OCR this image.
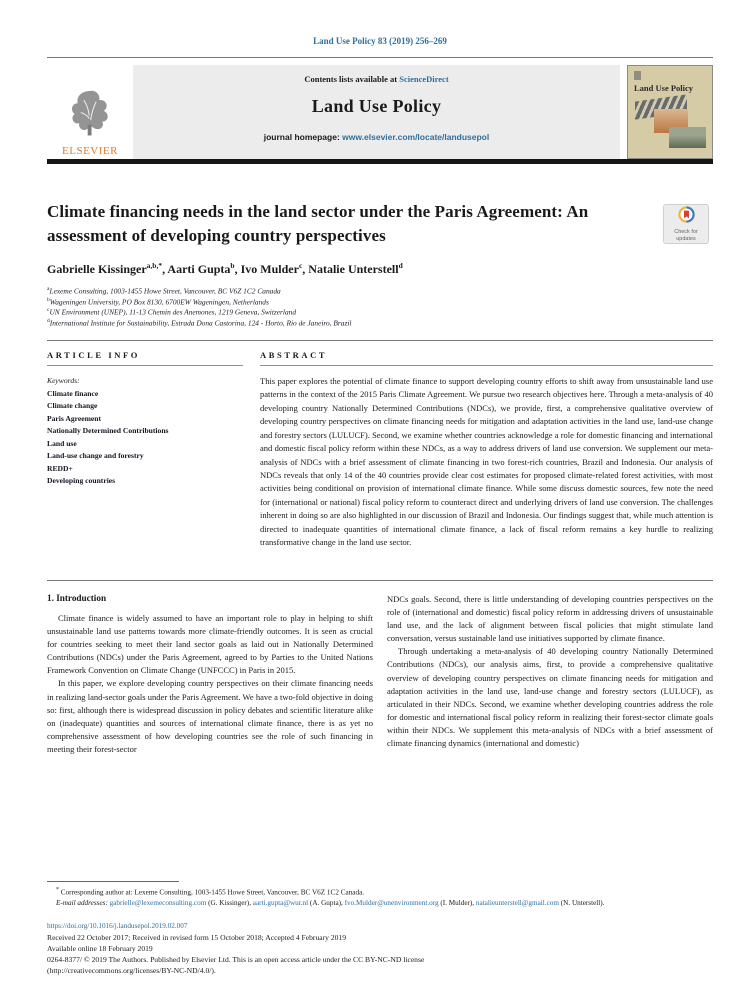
Land Use Policy 83 (2019) 256–269
ELSEVIER
Contents lists available at ScienceDirect
Land Use Policy
journal homepage: www.elsevier.com/locate/landusepol
Land Use Policy
Climate financing needs in the land sector under the Paris Agreement: An assessment of developing country perspectives	Check for updates
Gabrielle Kissinger$^{a,b,*}$, Aarti Gupta$^b$, Ivo Mulder$^c$, Natalie Unterstell$^d$
$^a$Lexeme Consulting, 1003-1455 Howe Street, Vancouver, BC V6Z 1C2 Canada
$^b$Wageningen University, PO Box 8130, 6700EW Wageningen, Netherlands
$^c$UN Environment (UNEP), 11-13 Chemin des Anemones, 1219 Geneva, Switzerland
$^d$International Institute for Sustainability, Estrada Dona Castorina, 124 - Horto, Rio de Janeiro, Brazil
ARTICLE INFO
Keywords:
Climate finance
Climate change
Paris Agreement
Nationally Determined Contributions
Land use
Land-use change and forestry
REDD+
Developing countries
ABSTRACT
This paper explores the potential of climate finance to support developing country efforts to shift away from unsustainable land use patterns in the context of the 2015 Paris Climate Agreement. We pursue two research objectives here. Through a meta-analysis of 40 developing country Nationally Determined Contributions (NDCs), we provide, first, a comprehensive qualitative overview of developing country perspectives on climate financing needs for mitigation and adaptation activities in the land use, land-use change and forestry sectors (LULUCF). Second, we examine whether countries acknowledge a role for domestic financing and international and domestic fiscal policy reform within these NDCs, as a way to address drivers of land use conversion. We supplement our meta-analysis of NDCs with a brief assessment of climate financing in two forest-rich countries, Brazil and Indonesia. Our analysis of NDCs reveals that only 14 of the 40 countries provide clear cost estimates for proposed climate-related forest activities, with most activities being conditional on provision of international climate finance. While some discuss domestic sources, few note the need for (international or national) fiscal policy reform to counteract direct and underlying drivers of land use conversion. The challenges inherent in doing so are also highlighted in our discussion of Brazil and Indonesia. Our findings suggest that, while much attention is directed to inadequate quantities of international climate finance, a lack of fiscal reform remains a key hurdle to realizing transformative change in the land use sector.
1. Introduction

Climate finance is widely assumed to have an important role to play in helping to shift unsustainable land use patterns towards more climate-friendly outcomes. It is seen as crucial for countries seeking to meet their land sector goals as laid out in Nationally Determined Contributions (NDCs) under the Paris Agreement, agreed to by Parties to the United Nations Framework Convention on Climate Change (UNFCCC) in Paris in 2015.

In this paper, we explore developing country perspectives on their climate financing needs in realizing land-sector goals under the Paris Agreement. We have a two-fold objective in doing so: first, although there is widespread discussion in policy debates and scientific literature alike on (inadequate) quantities and sources of international climate finance, there is as yet no comprehensive assessment of how developing countries see the role of such financing in meeting their forest-sector

NDCs goals. Second, there is little understanding of developing countries perspectives on the role of (international and domestic) fiscal policy reform in addressing drivers of unsustainable land use, and the lack of alignment between fiscal policies that might stimulate land conversation, versus sustainable land use initiatives supported by climate finance.

Through undertaking a meta-analysis of 40 developing country Nationally Determined Contributions (NDCs), our analysis aims, first, to provide a comprehensive qualitative overview of developing country perspectives on climate financing needs for mitigation and adaptation activities in the land use, land-use change and forestry sectors (LULUCF), as articulated in their NDCs. Second, we examine whether developing countries address the role for domestic and international fiscal policy reform in realizing their forest-sector climate goals within their NDCs. We supplement this meta-analysis of NDCs with a brief assessment of climate financing dynamics (international and domestic)

* Corresponding author at: Lexeme Consulting, 1003-1455 Howe Street, Vancouver, BC V6Z 1C2 Canada.
E-mail addresses: gabrielle@lexemeconsulting.com (G. Kissinger), aarti.gupta@wur.nl (A. Gupta), Ivo.Mulder@unenvironment.org (I. Mulder), natalieunterstell@gmail.com (N. Unterstell).
https://doi.org/10.1016/j.landusepol.2019.02.007
Received 22 October 2017; Received in revised form 15 October 2018; Accepted 4 February 2019
Available online 18 February 2019
0264-8377/ © 2019 The Authors. Published by Elsevier Ltd. This is an open access article under the CC BY-NC-ND license
(http://creativecommons.org/licenses/BY-NC-ND/4.0/).
